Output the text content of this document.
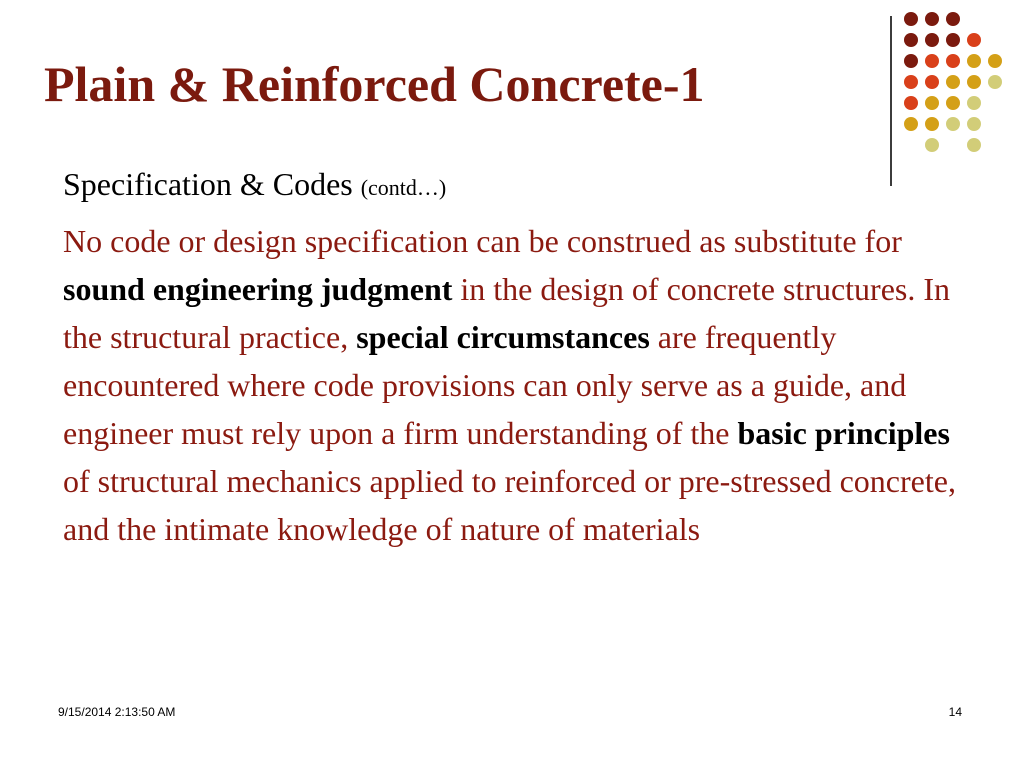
Plain & Reinforced Concrete-1

Specification & Codes (contd…)

No code or design specification can be construed as substitute for sound engineering judgment in the design of concrete structures. In the structural practice, special circumstances are frequently encountered where code provisions can only serve as a guide, and engineer must rely upon a firm understanding of the basic principles of structural mechanics applied to reinforced or pre-stressed concrete, and the intimate knowledge of nature of materials

9/15/2014 2:13:50 AM	14
